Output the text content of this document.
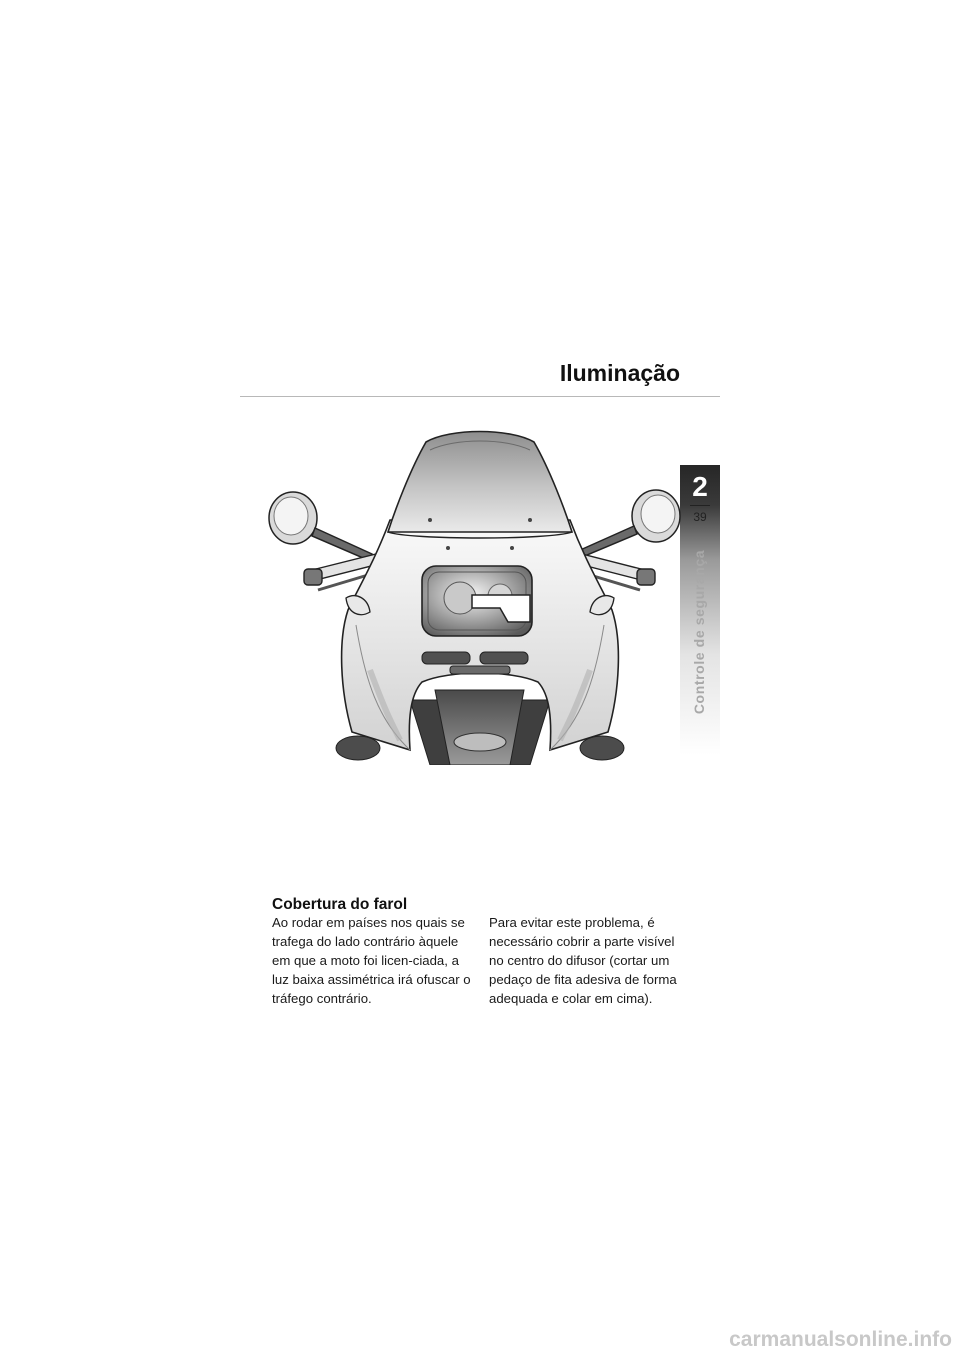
Iluminação
2
39
Controle de segurança
Cobertura do farol

Ao rodar em países nos quais se trafega do lado contrário àquele em que a moto foi licen-ciada, a luz baixa assimétrica irá ofuscar o tráfego contrário.

Para evitar este problema, é necessário cobrir a parte visível no centro do difusor (cortar um pedaço de fita adesiva de forma adequada e colar em cima).

carmanualsonline.info
